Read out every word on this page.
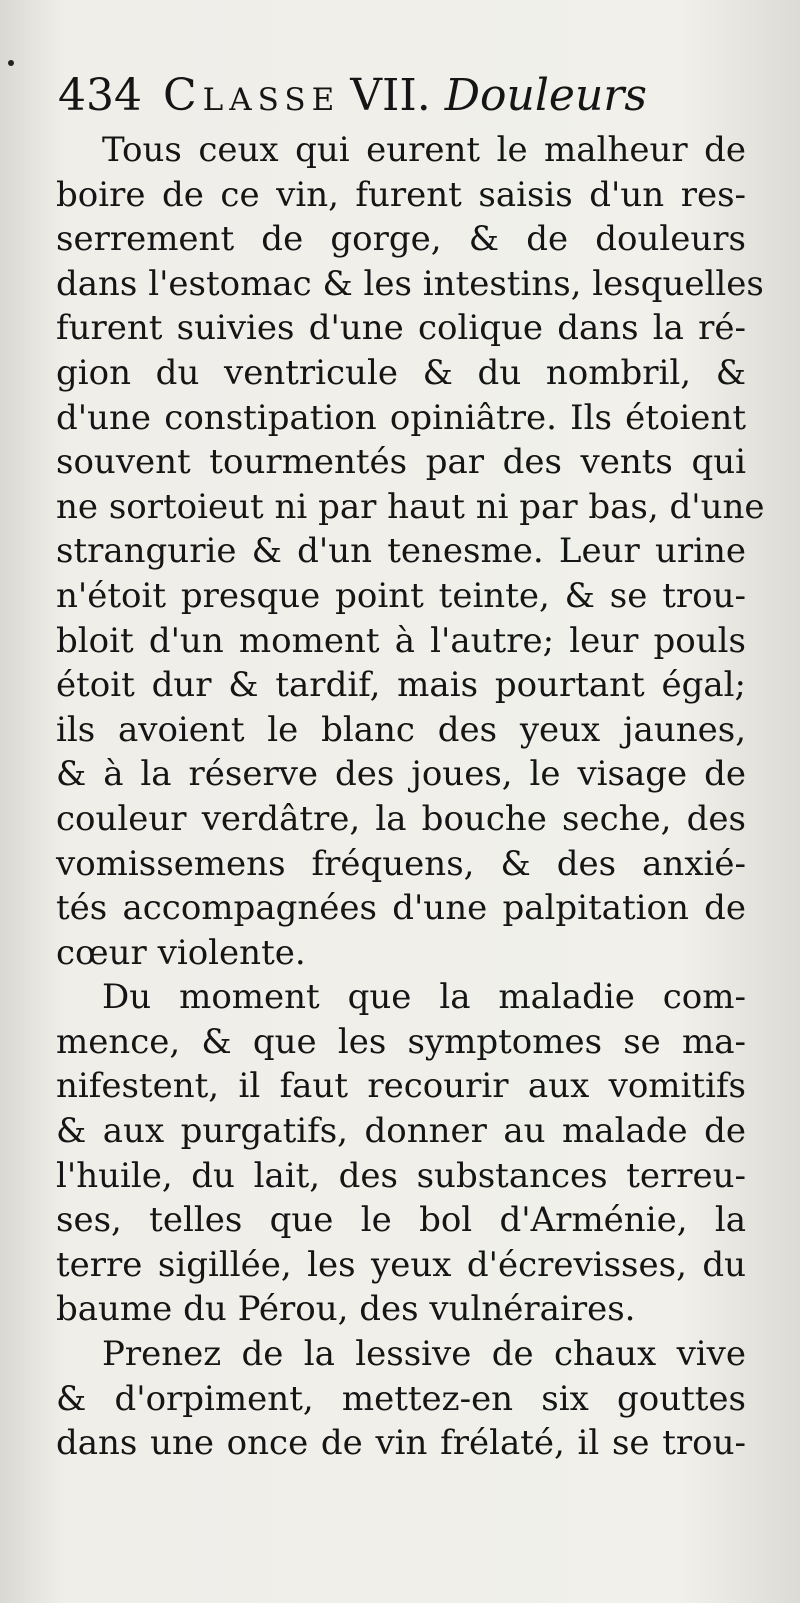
434 Classe VII. Douleurs
Tous ceux qui eurent le malheur de
boire de ce vin, furent saisis d'un res-
serrement de gorge, & de douleurs
dans l'estomac & les intestins, lesquelles
furent suivies d'une colique dans la ré-
gion du ventricule & du nombril, &
d'une constipation opiniâtre. Ils étoient
souvent tourmentés par des vents qui
ne sortoieut ni par haut ni par bas, d'une
strangurie & d'un tenesme. Leur urine
n'étoit presque point teinte, & se trou-
bloit d'un moment à l'autre; leur pouls
étoit dur & tardif, mais pourtant égal;
ils avoient le blanc des yeux jaunes,
& à la réserve des joues, le visage de
couleur verdâtre, la bouche seche, des
vomissemens fréquens, & des anxié-
tés accompagnées d'une palpitation de
cœur violente.
Du moment que la maladie com-
mence, & que les symptomes se ma-
nifestent, il faut recourir aux vomitifs
& aux purgatifs, donner au malade de
l'huile, du lait, des substances terreu-
ses, telles que le bol d'Arménie, la
terre sigillée, les yeux d'écrevisses, du
baume du Pérou, des vulnéraires.
Prenez de la lessive de chaux vive
& d'orpiment, mettez-en six gouttes
dans une once de vin frélaté, il se trou-
